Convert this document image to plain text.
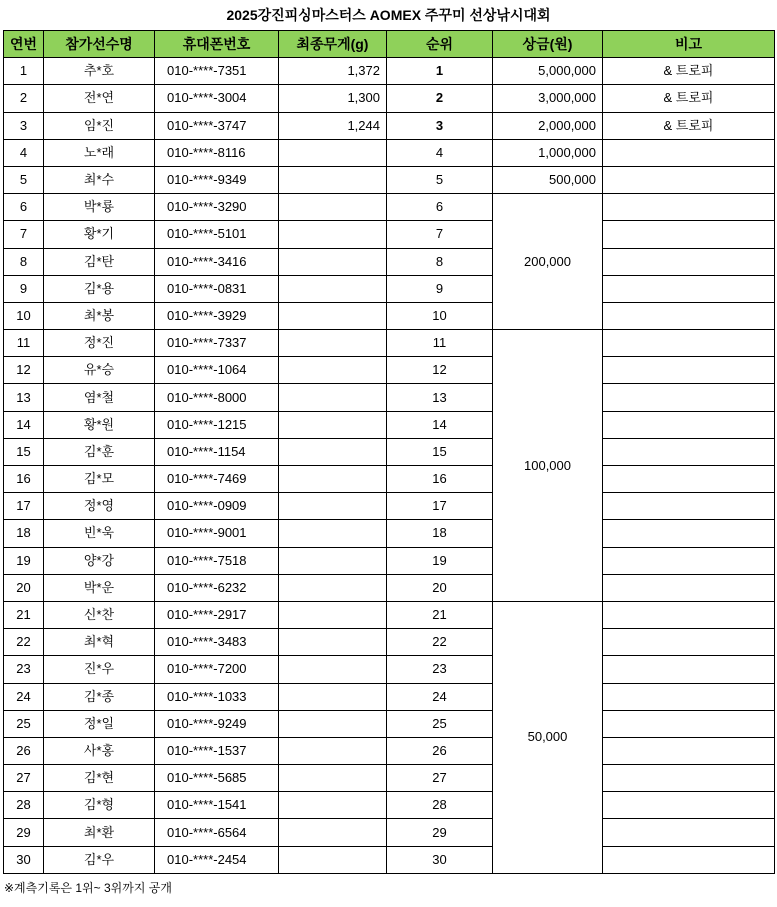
2025강진피싱마스터스 AOMEX 주꾸미 선상낚시대회
연번	참가선수명	휴대폰번호	최종무게(g)	순위	상금(원)	비고
1	추*호	010-****-7351	1,372	1	5,000,000	& 트로피
2	전*연	010-****-3004	1,300	2	3,000,000	& 트로피
3	임*진	010-****-3747	1,244	3	2,000,000	& 트로피
4	노*래	010-****-8116		4	1,000,000	
5	최*수	010-****-9349		5	500,000	
6	박*룡	010-****-3290		6	200,000	
7	황*기	010-****-5101		7		
8	김*탄	010-****-3416		8		
9	김*용	010-****-0831		9		
10	최*봉	010-****-3929		10		
11	정*진	010-****-7337		11	100,000	
12	유*승	010-****-1064		12		
13	염*철	010-****-8000		13		
14	황*원	010-****-1215		14		
15	김*훈	010-****-1154		15		
16	김*모	010-****-7469		16		
17	정*영	010-****-0909		17		
18	빈*욱	010-****-9001		18		
19	양*강	010-****-7518		19		
20	박*운	010-****-6232		20		
21	신*찬	010-****-2917		21	50,000	
22	최*혁	010-****-3483		22		
23	진*우	010-****-7200		23		
24	김*종	010-****-1033		24		
25	정*일	010-****-9249		25		
26	사*홍	010-****-1537		26		
27	김*현	010-****-5685		27		
28	김*형	010-****-1541		28		
29	최*환	010-****-6564		29		
30	김*우	010-****-2454		30		
※계측기록은 1위~ 3위까지 공개
